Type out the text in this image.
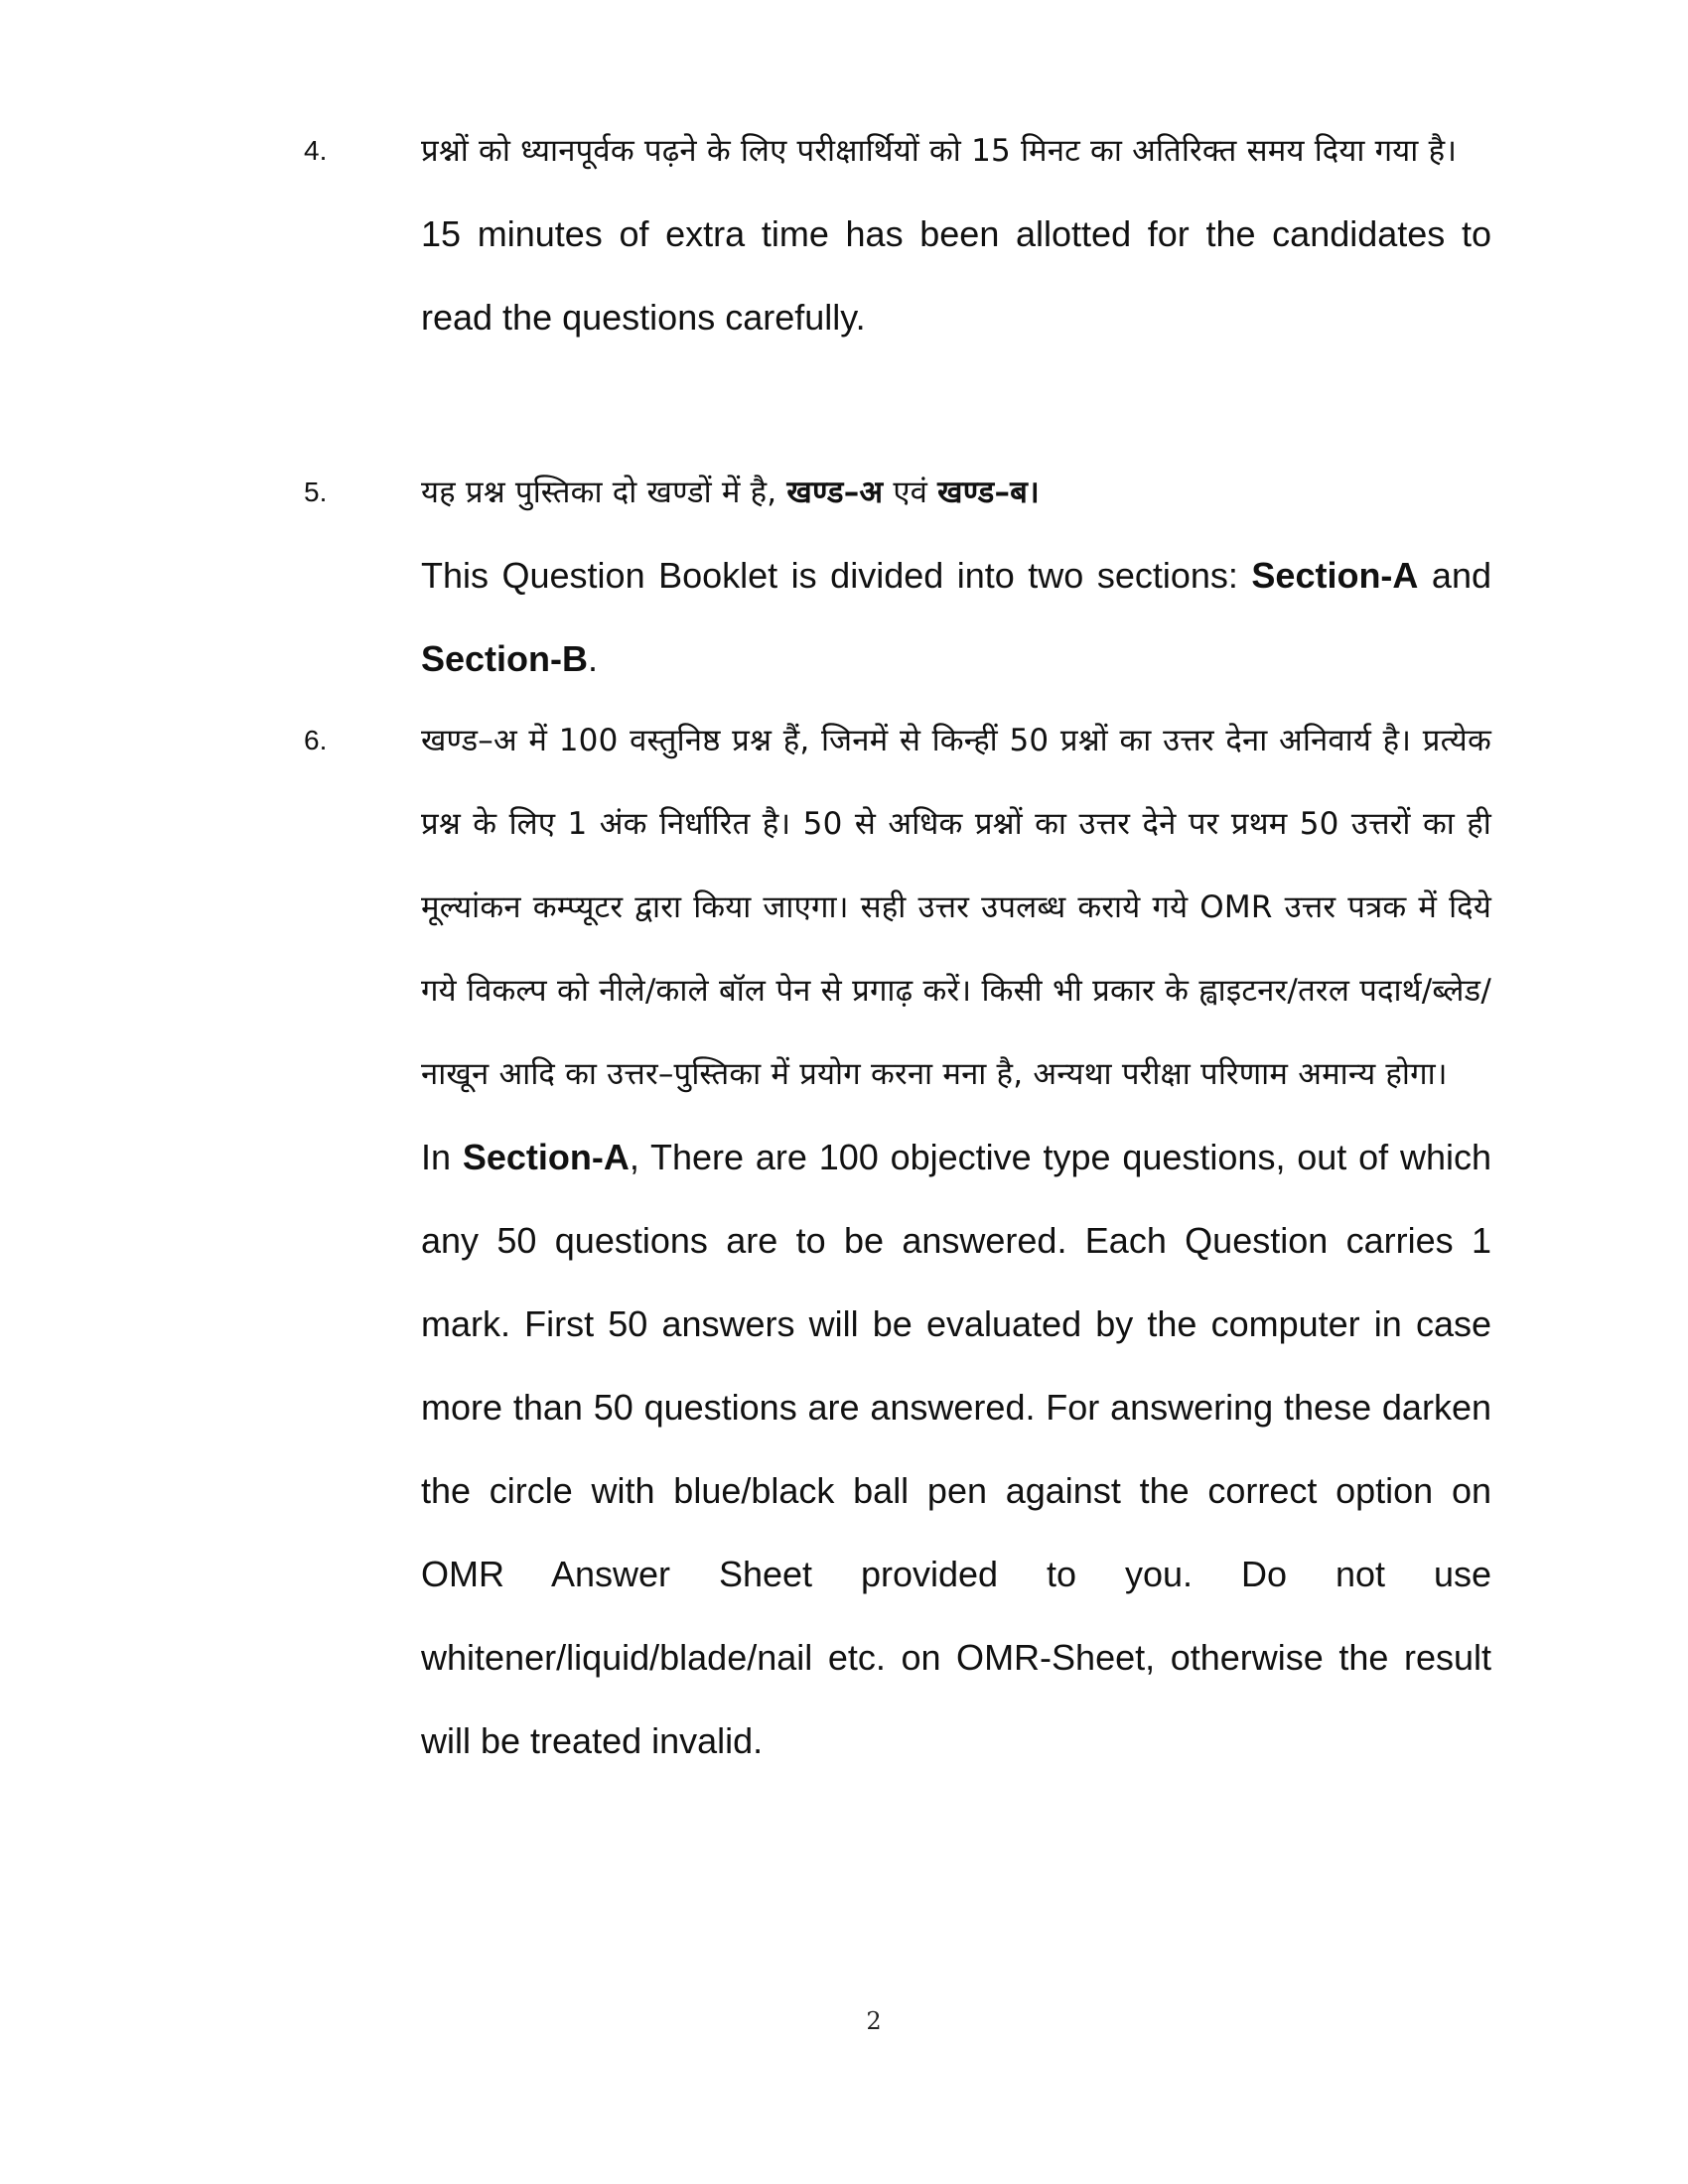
4.	प्रश्नों को ध्यानपूर्वक पढ़ने के लिए परीक्षार्थियों को 15 मिनट का अतिरिक्त समय दिया गया है।

15 minutes of extra time has been allotted for the candidates to read the questions carefully.

5.	यह प्रश्न पुस्तिका दो खण्डों में है, खण्ड–अ एवं खण्ड–ब।

This Question Booklet is divided into two sections: Section-A and Section-B.

6.	खण्ड–अ में 100 वस्तुनिष्ठ प्रश्न हैं, जिनमें से किन्हीं 50 प्रश्नों का उत्तर देना अनिवार्य है। प्रत्येक प्रश्न के लिए 1 अंक निर्धारित है। 50 से अधिक प्रश्नों का उत्तर देने पर प्रथम 50 उत्तरों का ही मूल्यांकन कम्प्यूटर द्वारा किया जाएगा। सही उत्तर उपलब्ध कराये गये OMR उत्तर पत्रक में दिये गये विकल्प को नीले/काले बॉल पेन से प्रगाढ़ करें। किसी भी प्रकार के ह्वाइटनर/तरल पदार्थ/ब्लेड/नाखून आदि का उत्तर–पुस्तिका में प्रयोग करना मना है, अन्यथा परीक्षा परिणाम अमान्य होगा।

In Section-A, There are 100 objective type questions, out of which any 50 questions are to be answered. Each Question carries 1 mark. First 50 answers will be evaluated by the computer in case more than 50 questions are answered. For answering these darken the circle with blue/black ball pen against the correct option on OMR Answer Sheet provided to you. Do not use whitener/liquid/blade/nail etc. on OMR-Sheet, otherwise the result will be treated invalid.

2
